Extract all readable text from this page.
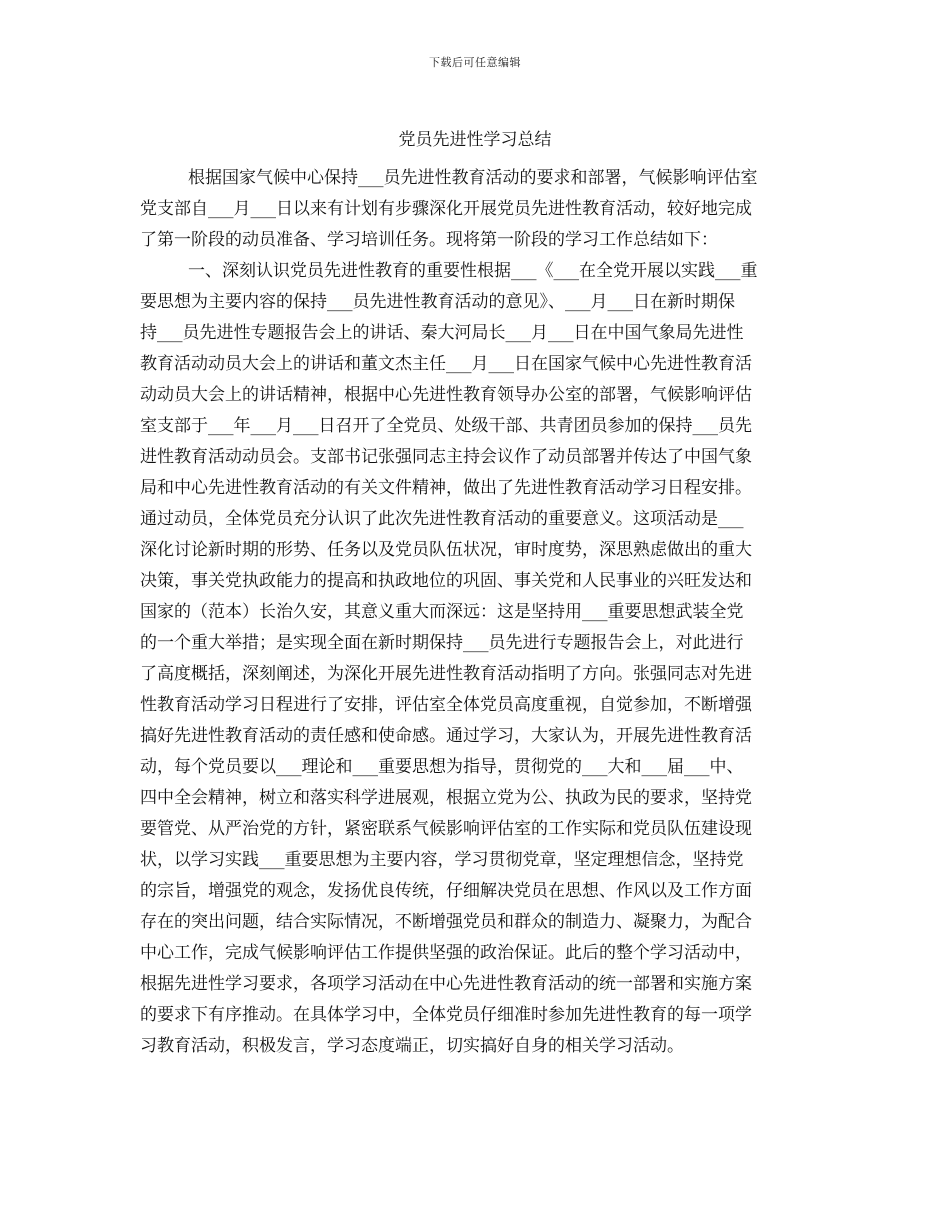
下载后可任意编辑
党员先进性学习总结
根据国家气候中心保持___员先进性教育活动的要求和部署，气候影响评估室
党支部自___月___日以来有计划有步骤深化开展党员先进性教育活动，较好地完成
了第一阶段的动员准备、学习培训任务。现将第一阶段的学习工作总结如下：
一、深刻认识党员先进性教育的重要性根据___《___在全党开展以实践___重
要思想为主要内容的保持___员先进性教育活动的意见》、___月___日在新时期保
持___员先进性专题报告会上的讲话、秦大河局长___月___日在中国气象局先进性
教育活动动员大会上的讲话和董文杰主任___月___日在国家气候中心先进性教育活
动动员大会上的讲话精神，根据中心先进性教育领导办公室的部署，气候影响评估
室支部于___年___月___日召开了全党员、处级干部、共青团员参加的保持___员先
进性教育活动动员会。支部书记张强同志主持会议作了动员部署并传达了中国气象
局和中心先进性教育活动的有关文件精神，做出了先进性教育活动学习日程安排。
通过动员，全体党员充分认识了此次先进性教育活动的重要意义。这项活动是___
深化讨论新时期的形势、任务以及党员队伍状况，审时度势，深思熟虑做出的重大
决策，事关党执政能力的提高和执政地位的巩固、事关党和人民事业的兴旺发达和
国家的（范本）长治久安，其意义重大而深远：这是坚持用___重要思想武装全党
的一个重大举措；是实现全面在新时期保持___员先进行专题报告会上，对此进行
了高度概括，深刻阐述，为深化开展先进性教育活动指明了方向。张强同志对先进
性教育活动学习日程进行了安排，评估室全体党员高度重视，自觉参加，不断增强
搞好先进性教育活动的责任感和使命感。通过学习，大家认为，开展先进性教育活
动，每个党员要以___理论和___重要思想为指导，贯彻党的___大和___届___中、
四中全会精神，树立和落实科学进展观，根据立党为公、执政为民的要求，坚持党
要管党、从严治党的方针，紧密联系气候影响评估室的工作实际和党员队伍建设现
状，以学习实践___重要思想为主要内容，学习贯彻党章，坚定理想信念，坚持党
的宗旨，增强党的观念，发扬优良传统，仔细解决党员在思想、作风以及工作方面
存在的突出问题，结合实际情况，不断增强党员和群众的制造力、凝聚力，为配合
中心工作，完成气候影响评估工作提供坚强的政治保证。此后的整个学习活动中，
根据先进性学习要求，各项学习活动在中心先进性教育活动的统一部署和实施方案
的要求下有序推动。在具体学习中，全体党员仔细准时参加先进性教育的每一项学
习教育活动，积极发言，学习态度端正，切实搞好自身的相关学习活动。
